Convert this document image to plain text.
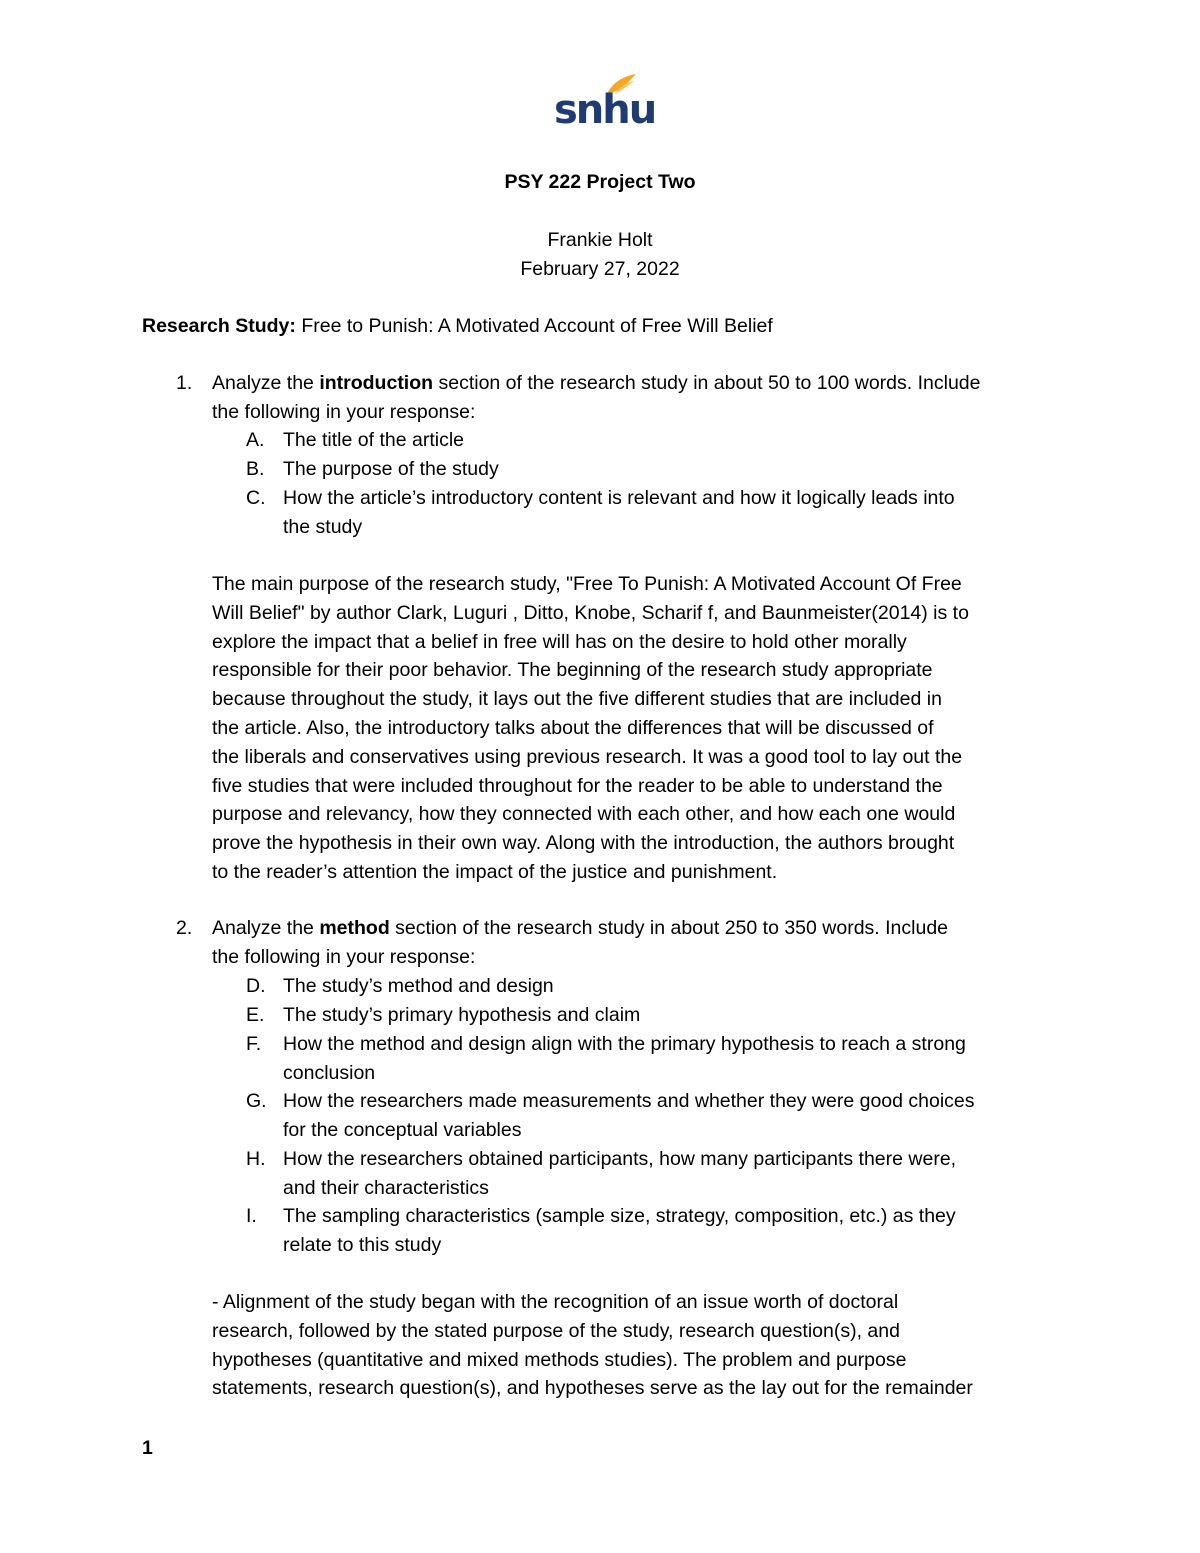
snhu
PSY 222 Project Two
Frankie Holt
February 27, 2022
Research Study: Free to Punish: A Motivated Account of Free Will Belief
1. Analyze the introduction section of the research study in about 50 to 100 words. Include
the following in your response:
A. The title of the article
B. The purpose of the study
C. How the article’s introductory content is relevant and how it logically leads into
the study
The main purpose of the research study, "Free To Punish: A Motivated Account Of Free
Will Belief" by author Clark, Luguri , Ditto, Knobe, Scharif f, and Baunmeister(2014) is to
explore the impact that a belief in free will has on the desire to hold other morally
responsible for their poor behavior. The beginning of the research study appropriate
because throughout the study, it lays out the five different studies that are included in
the article. Also, the introductory talks about the differences that will be discussed of
the liberals and conservatives using previous research. It was a good tool to lay out the
five studies that were included throughout for the reader to be able to understand the
purpose and relevancy, how they connected with each other, and how each one would
prove the hypothesis in their own way. Along with the introduction, the authors brought
to the reader’s attention the impact of the justice and punishment.
2. Analyze the method section of the research study in about 250 to 350 words. Include
the following in your response:
D. The study’s method and design
E. The study’s primary hypothesis and claim
F. How the method and design align with the primary hypothesis to reach a strong
conclusion
G. How the researchers made measurements and whether they were good choices
for the conceptual variables
H. How the researchers obtained participants, how many participants there were,
and their characteristics
I. The sampling characteristics (sample size, strategy, composition, etc.) as they
relate to this study
- Alignment of the study began with the recognition of an issue worth of doctoral
research, followed by the stated purpose of the study, research question(s), and
hypotheses (quantitative and mixed methods studies). The problem and purpose
statements, research question(s), and hypotheses serve as the lay out for the remainder
1
